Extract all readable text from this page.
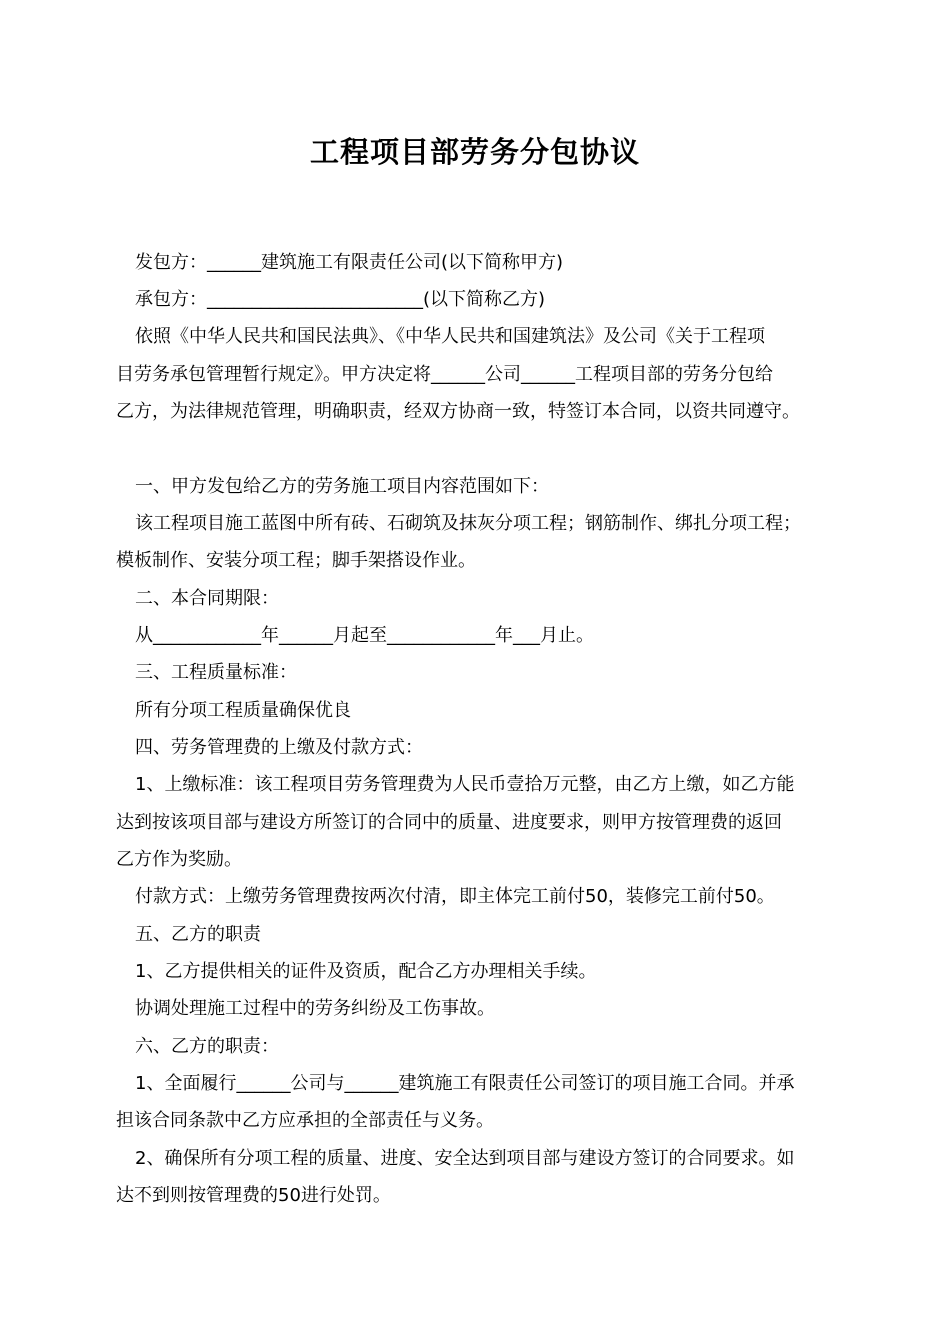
工程项目部劳务分包协议
发包方：______建筑施工有限责任公司(以下简称甲方)
承包方：________________________(以下简称乙方)
依照《中华人民共和国民法典》、《中华人民共和国建筑法》及公司《关于工程项
目劳务承包管理暂行规定》。甲方决定将______公司______工程项目部的劳务分包给
乙方，为法律规范管理，明确职责，经双方协商一致，特签订本合同，以资共同遵守。
一、甲方发包给乙方的劳务施工项目内容范围如下：
该工程项目施工蓝图中所有砖、石砌筑及抹灰分项工程；钢筋制作、绑扎分项工程；
模板制作、安装分项工程；脚手架搭设作业。
二、本合同期限：
从____________年______月起至____________年___月止。
三、工程质量标准：
所有分项工程质量确保优良
四、劳务管理费的上缴及付款方式：
1、上缴标准：该工程项目劳务管理费为人民币壹拾万元整，由乙方上缴，如乙方能
达到按该项目部与建设方所签订的合同中的质量、进度要求，则甲方按管理费的返回
乙方作为奖励。
付款方式：上缴劳务管理费按两次付清，即主体完工前付50，装修完工前付50。
五、乙方的职责
1、乙方提供相关的证件及资质，配合乙方办理相关手续。
协调处理施工过程中的劳务纠纷及工伤事故。
六、乙方的职责：
1、全面履行______公司与______建筑施工有限责任公司签订的项目施工合同。并承
担该合同条款中乙方应承担的全部责任与义务。
2、确保所有分项工程的质量、进度、安全达到项目部与建设方签订的合同要求。如
达不到则按管理费的50进行处罚。
